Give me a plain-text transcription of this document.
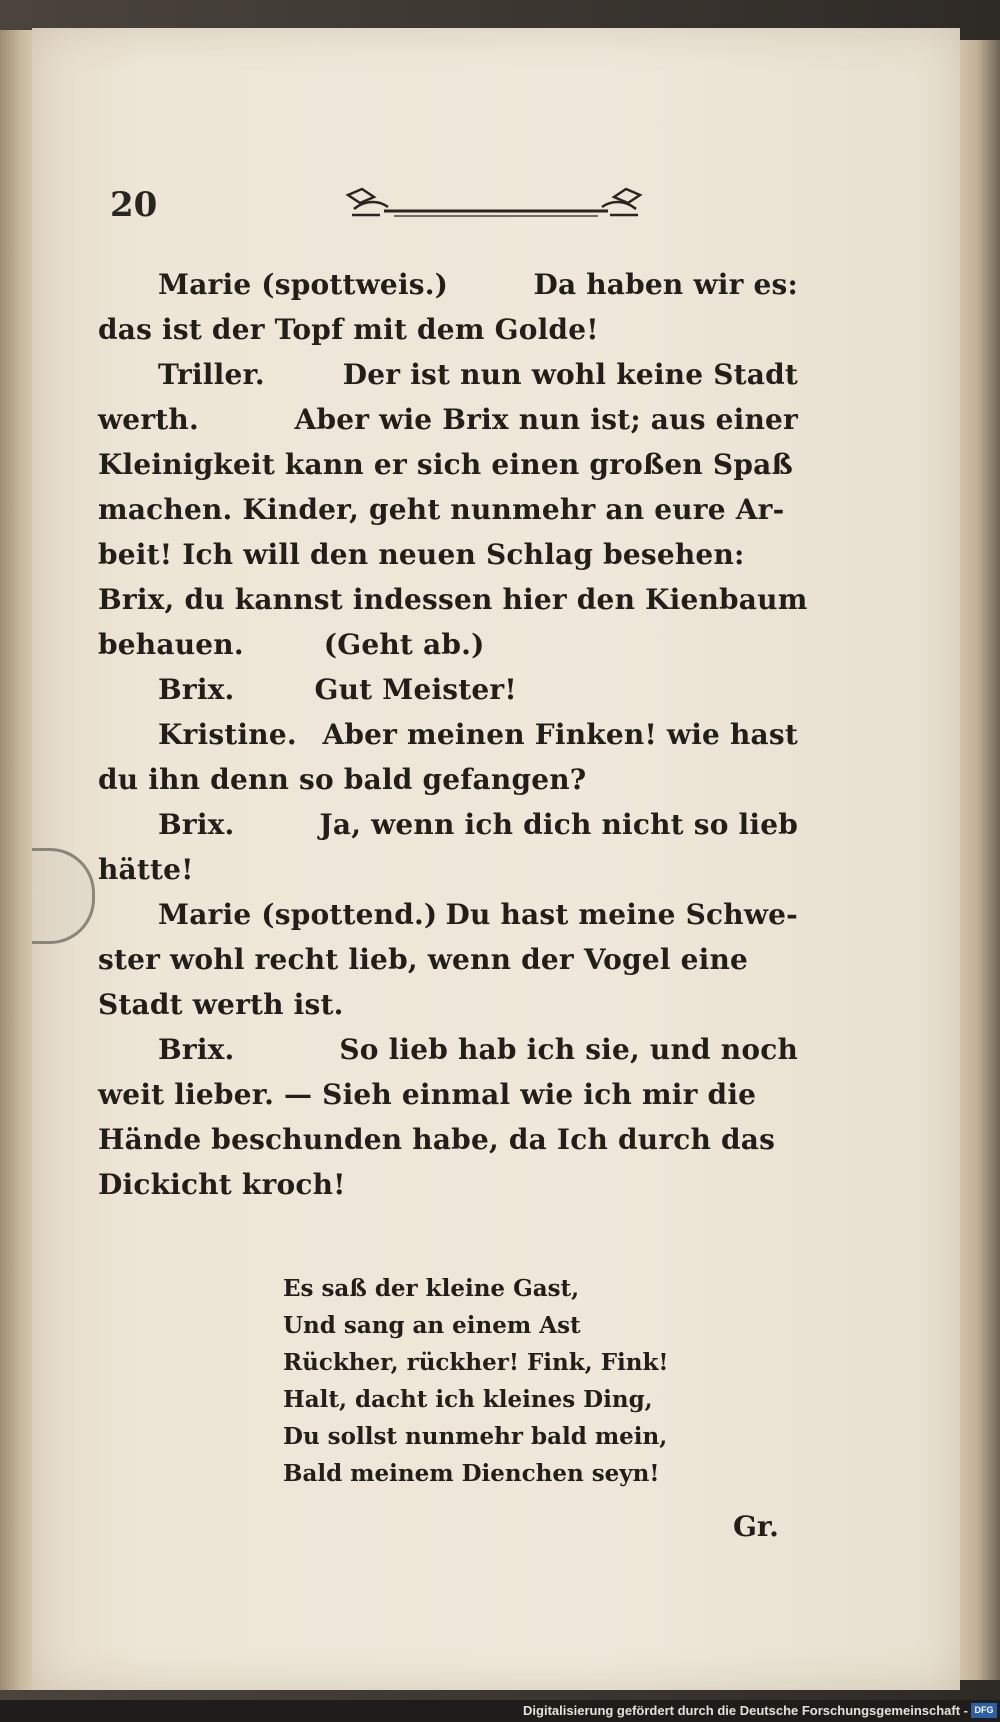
20
Marie (spottweis.)	Da haben wir es:
das ist der Topf mit dem Golde!
Triller.	Der ist nun wohl keine Stadt
werth.	Aber wie Brix nun ist; aus einer
Kleinigkeit kann er sich einen großen Spaß
machen. Kinder, geht nunmehr an eure Ar-
beit! Ich will den neuen Schlag besehen:
Brix, du kannst indessen hier den Kienbaum
behauen.	(Geht ab.)
Brix.	Gut Meister!
Kristine. Aber meinen Finken! wie hast
du ihn denn so bald gefangen?
Brix.	Ja, wenn ich dich nicht so lieb
hätte!
Marie (spottend.) Du hast meine Schwe-
ster wohl recht lieb, wenn der Vogel eine
Stadt werth ist.
Brix.	So lieb hab ich sie, und noch
weit lieber. — Sieh einmal wie ich mir die
Hände beschunden habe, da Ich durch das
Dickicht kroch!
Es saß der kleine Gast,
Und sang an einem Ast
Rückher, rückher! Fink, Fink!
Halt, dacht ich kleines Ding,
Du sollst nunmehr bald mein,
Bald meinem Dienchen seyn!
Gr.
Digitalisierung gefördert durch die Deutsche Forschungsgemeinschaft - DFG
